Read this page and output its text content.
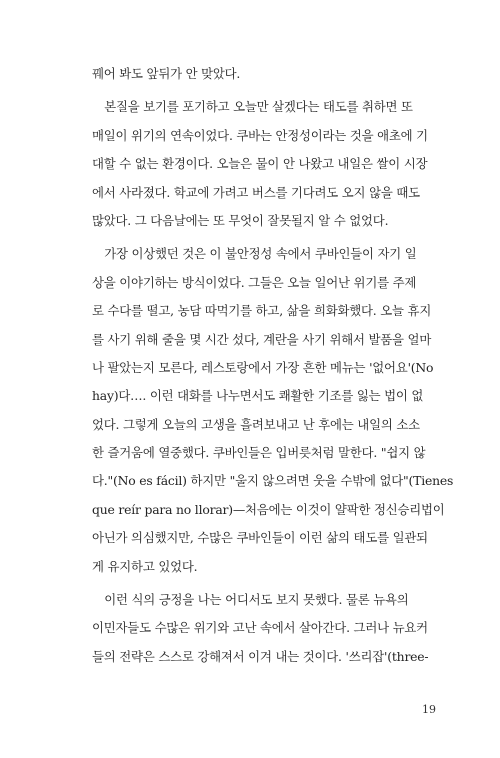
꿰어 봐도 앞뒤가 안 맞았다.
　본질을 보기를 포기하고 오늘만 살겠다는 태도를 취하면 또
매일이 위기의 연속이었다. 쿠바는 안정성이라는 것을 애초에 기
대할 수 없는 환경이다. 오늘은 물이 안 나왔고 내일은 쌀이 시장
에서 사라졌다. 학교에 가려고 버스를 기다려도 오지 않을 때도
많았다. 그 다음날에는 또 무엇이 잘못될지 알 수 없었다.
　가장 이상했던 것은 이 불안정성 속에서 쿠바인들이 자기 일
상을 이야기하는 방식이었다. 그들은 오늘 일어난 위기를 주제
로 수다를 떨고, 농담 따먹기를 하고, 삶을 희화화했다. 오늘 휴지
를 사기 위해 줄을 몇 시간 섰다, 계란을 사기 위해서 발품을 얼마
나 팔았는지 모른다, 레스토랑에서 가장 흔한 메뉴는 '없어요'(No
hay)다…. 이런 대화를 나누면서도 쾌활한 기조를 잃는 법이 없
었다. 그렇게 오늘의 고생을 흘려보내고 난 후에는 내일의 소소
한 즐거움에 열중했다. 쿠바인들은 입버릇처럼 말한다. "쉽지 않
다."(No es fácil) 하지만 "울지 않으려면 웃을 수밖에 없다"(Tienes
que reír para no llorar)—처음에는 이것이 얄팍한 정신승리법이
아닌가 의심했지만, 수많은 쿠바인들이 이런 삶의 태도를 일관되
게 유지하고 있었다.
　이런 식의 긍정을 나는 어디서도 보지 못했다. 물론 뉴욕의
이민자들도 수많은 위기와 고난 속에서 살아간다. 그러나 뉴요커
들의 전략은 스스로 강해져서 이겨 내는 것이다. '쓰리잡'(three-
19
